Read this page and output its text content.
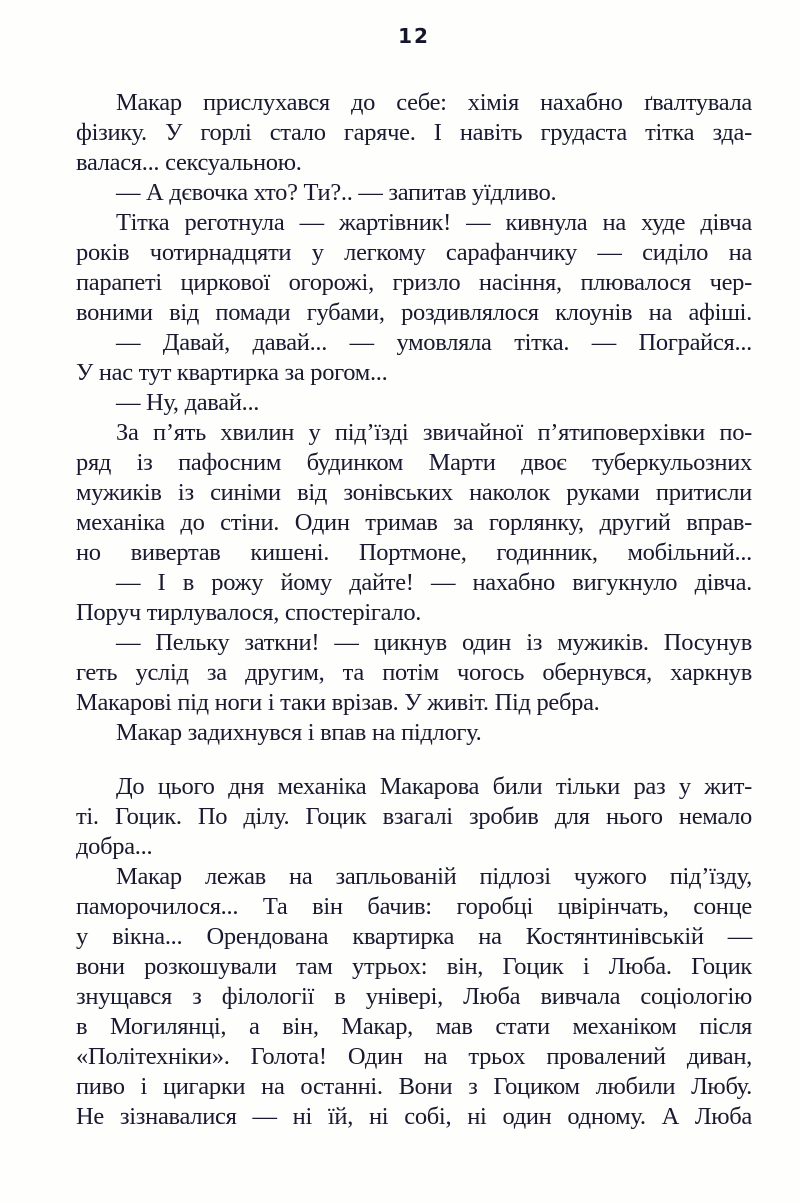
12
Макар прислухався до себе: хімія нахабно ґвалтувала
фізику. У горлі стало гаряче. І навіть грудаста тітка зда-
валася... сексуальною.
— А дєвочка хто? Ти?.. — запитав уїдливо.
Тітка реготнула — жартівник! — кивнула на худе дівча
років чотирнадцяти у легкому сарафанчику — сиділо на
парапеті циркової огорожі, гризло насіння, плювалося чер-
воними від помади губами, роздивлялося клоунів на афіші.
— Давай, давай... — умовляла тітка. — Пограйся...
У нас тут квартирка за рогом...
— Ну, давай...
За п’ять хвилин у під’їзді звичайної п’ятиповерхівки по-
ряд із пафосним будинком Марти двоє туберкульозних
мужиків із синіми від зонівських наколок руками притисли
механіка до стіни. Один тримав за горлянку, другий вправ-
но вивертав кишені. Портмоне, годинник, мобільний...
— І в рожу йому дайте! — нахабно вигукнуло дівча.
Поруч тирлувалося, спостерігало.
— Пельку заткни! — цикнув один із мужиків. Посунув
геть услід за другим, та потім чогось обернувся, харкнув
Макарові під ноги і таки врізав. У живіт. Під ребра.
Макар задихнувся і впав на підлогу.
До цього дня механіка Макарова били тільки раз у жит-
ті. Гоцик. По ділу. Гоцик взагалі зробив для нього немало
добра...
Макар лежав на запльованій підлозі чужого під’їзду,
паморочилося... Та він бачив: горобці цвірінчать, сонце
у вікна... Орендована квартирка на Костянтинівській —
вони розкошували там утрьох: він, Гоцик і Люба. Гоцик
знущався з філології в універі, Люба вивчала соціологію
в Могилянці, а він, Макар, мав стати механіком після
«Політехніки». Голота! Один на трьох провалений диван,
пиво і цигарки на останні. Вони з Гоциком любили Любу.
Не зізнавалися — ні їй, ні собі, ні один одному. А Люба
